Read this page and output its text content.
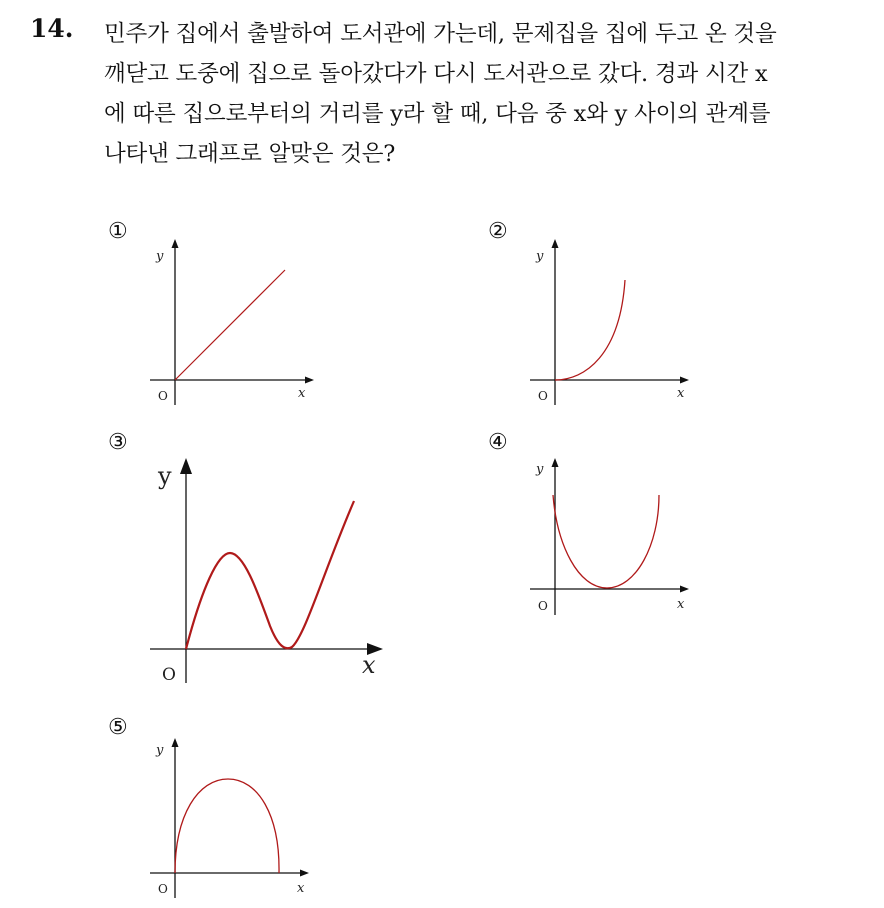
14. 민주가 집에서 출발하여 도서관에 가는데, 문제집을 집에 두고 온 것을
깨닫고 도중에 집으로 돌아갔다가 다시 도서관으로 갔다. 경과 시간 x
에 따른 집으로부터의 거리를 y라 할 때, 다음 중 x와 y 사이의 관계를
나타낸 그래프로 알맞은 것은?
①
y
x
O
②
y
x
O
③
y
x
O
④
y
x
O
⑤
y
x
O
